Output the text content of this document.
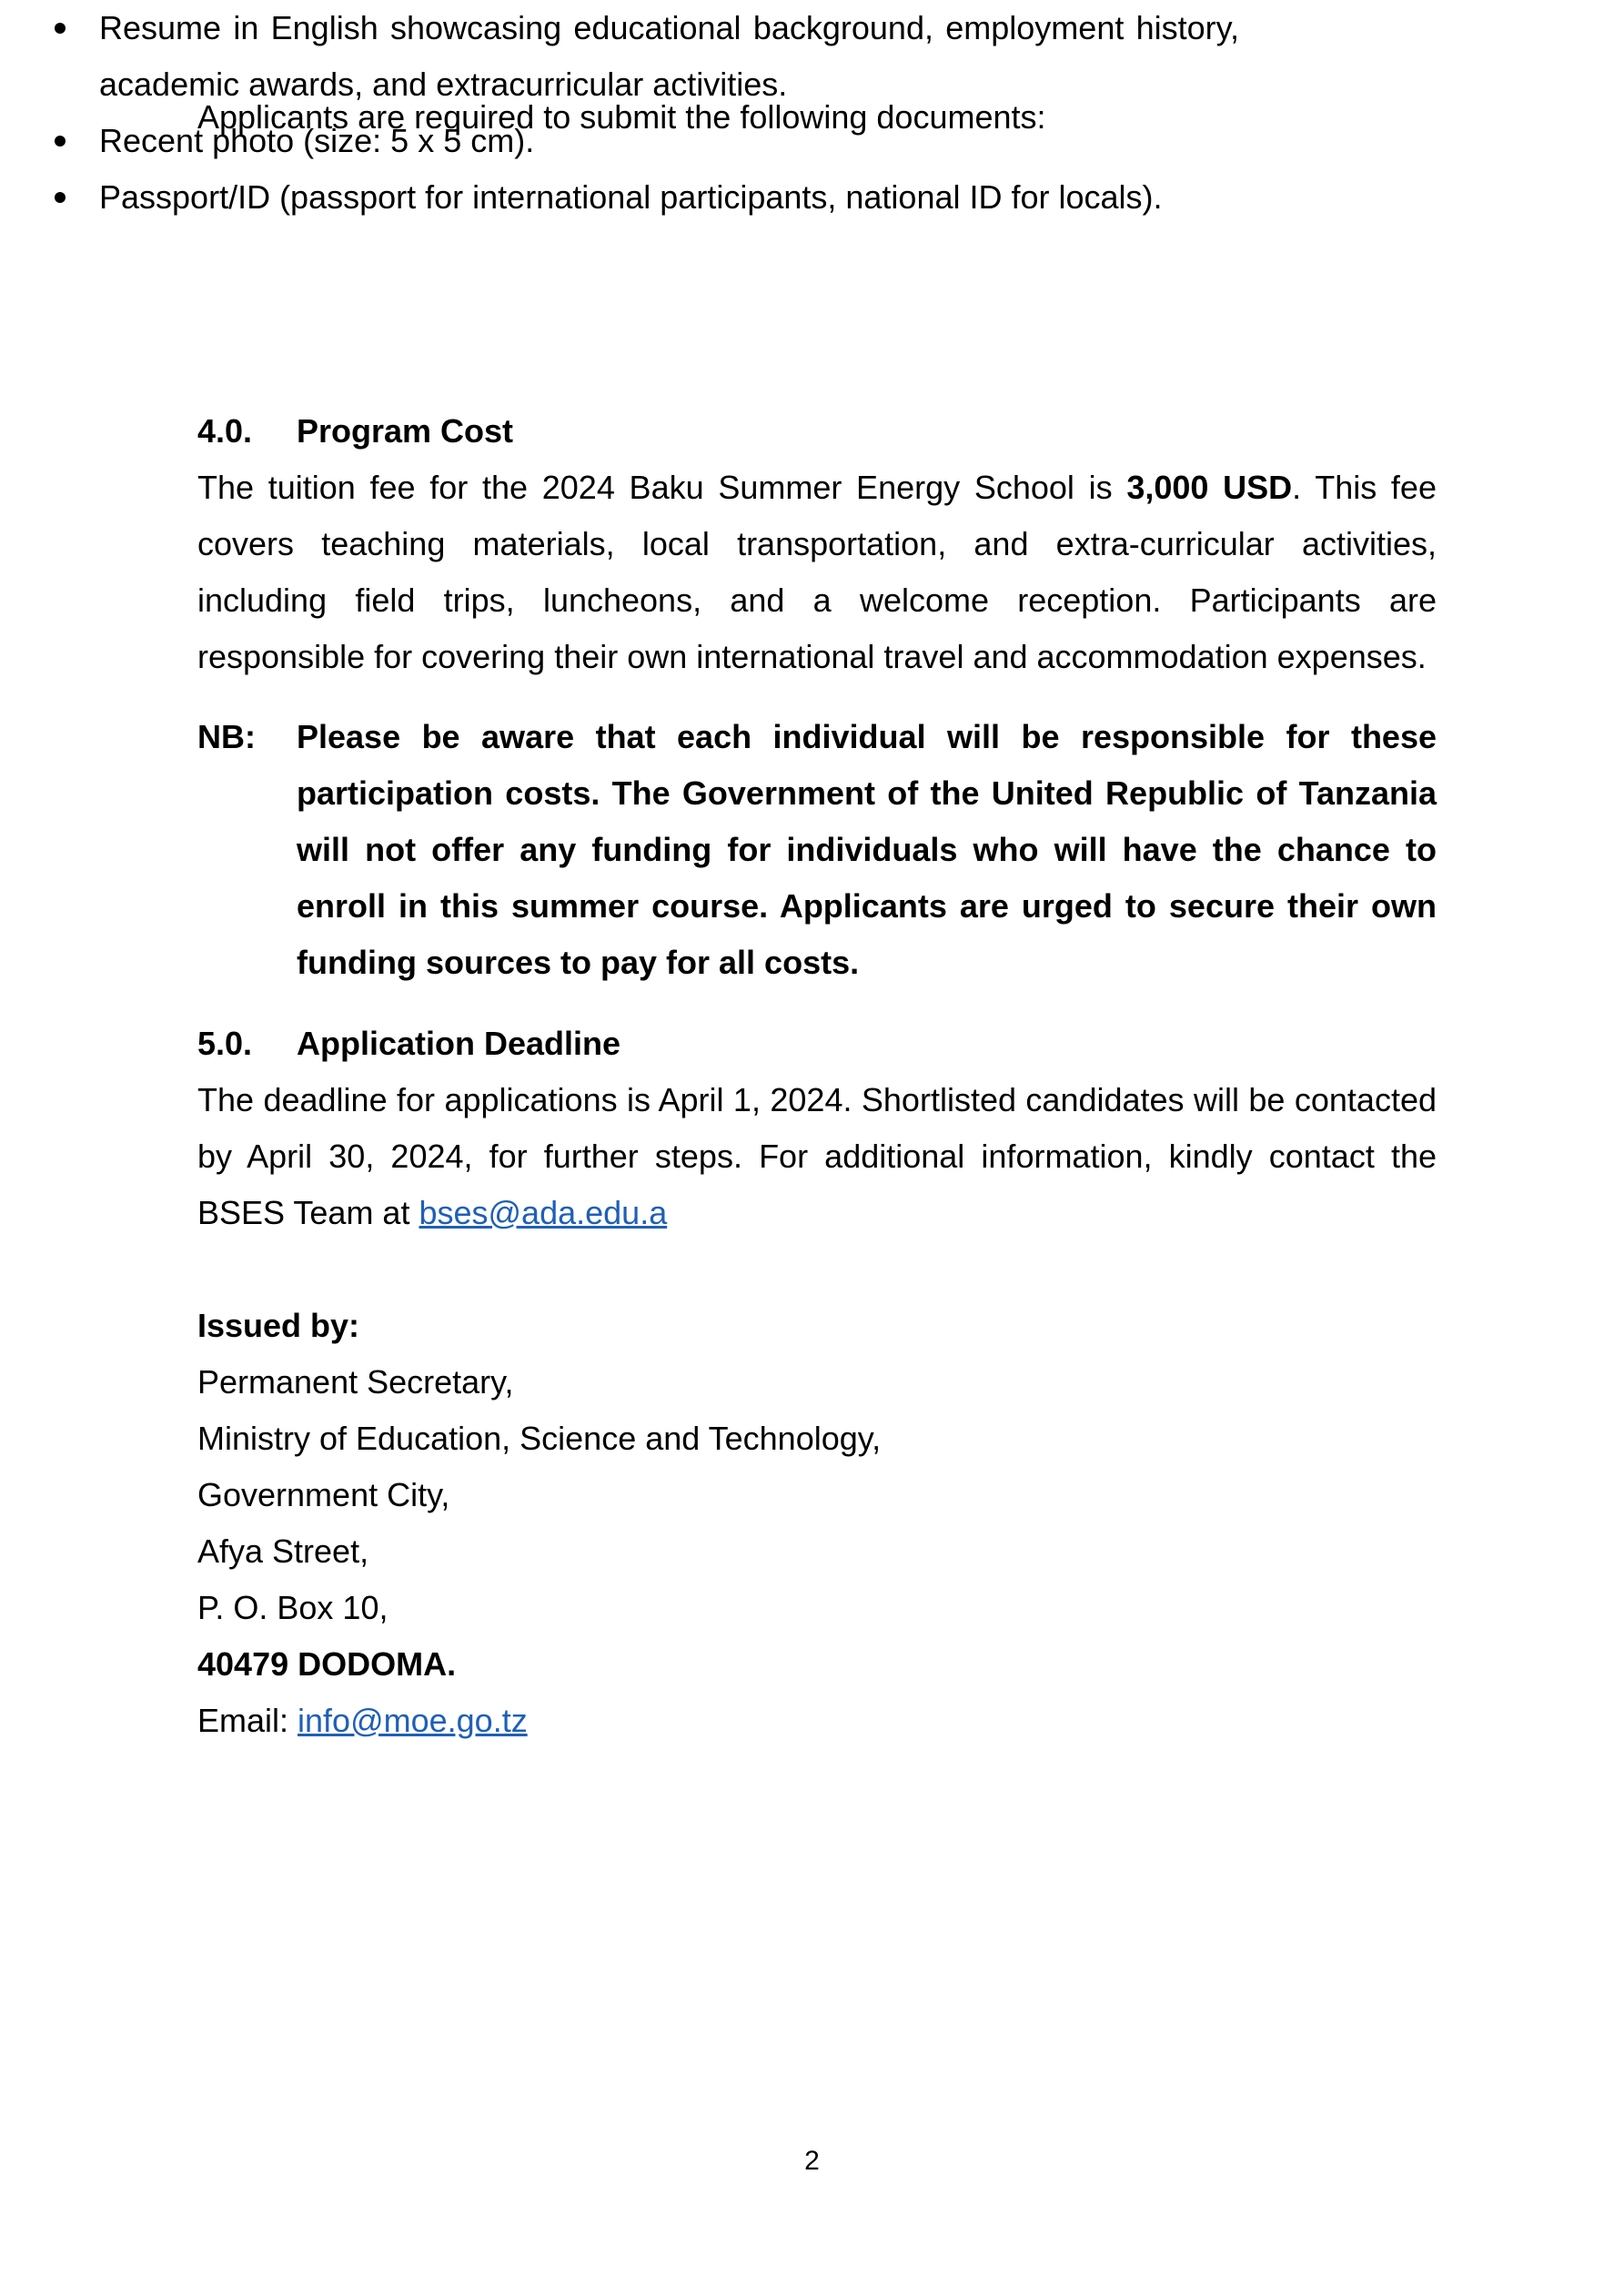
Applicants are required to submit the following documents:

Resume in English showcasing educational background, employment history, academic awards, and extracurricular activities.
Recent photo (size: 5 x 5 cm).
Passport/ID (passport for international participants, national ID for locals).
4.0.	Program Cost

The tuition fee for the 2024 Baku Summer Energy School is 3,000 USD. This fee covers teaching materials, local transportation, and extra-curricular activities, including field trips, luncheons, and a welcome reception. Participants are responsible for covering their own international travel and accommodation expenses.

NB:	Please be aware that each individual will be responsible for these participation costs. The Government of the United Republic of Tanzania will not offer any funding for individuals who will have the chance to enroll in this summer course. Applicants are urged to secure their own funding sources to pay for all costs.
5.0.	Application Deadline

The deadline for applications is April 1, 2024. Shortlisted candidates will be contacted by April 30, 2024, for further steps. For additional information, kindly contact the BSES Team at bses@ada.edu.a

Issued by:

Permanent Secretary,

Ministry of Education, Science and Technology,

Government City,

Afya Street,

P. O. Box 10,

40479 DODOMA.

Email: info@moe.go.tz

2
